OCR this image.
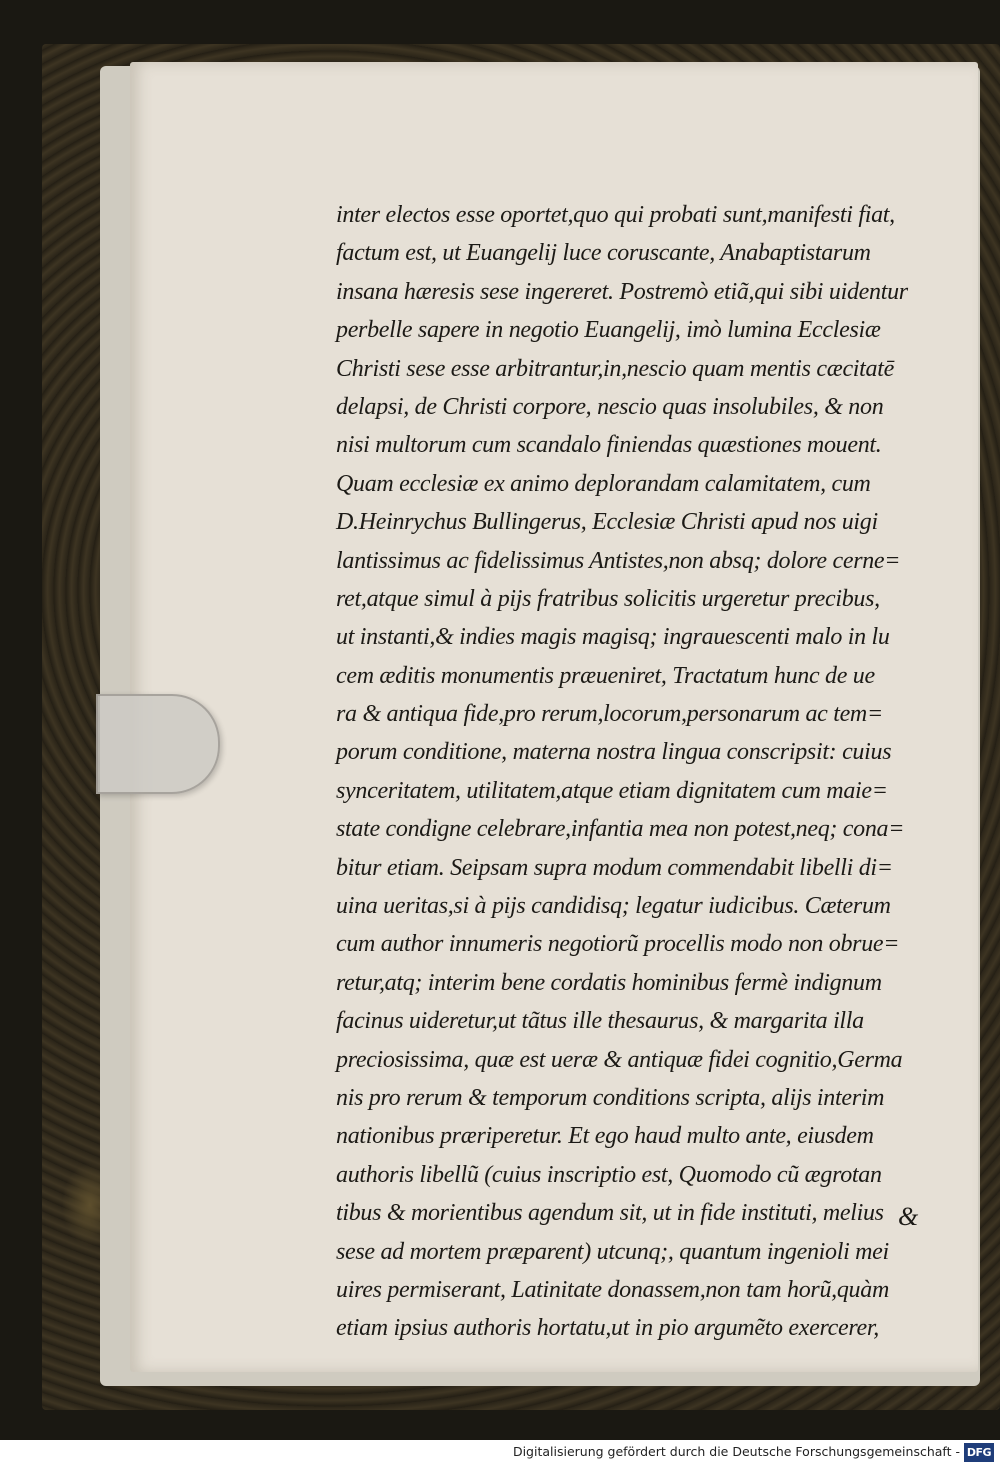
inter electos esse oportet,quo qui probati sunt,manifesti fiat,
factum est, ut Euangelij luce coruscante, Anabaptistarum
insana hæresis sese ingereret. Postremò etiã,qui sibi uidentur
perbelle sapere in negotio Euangelij, imò lumina Ecclesiæ
Christi sese esse arbitrantur,in,nescio quam mentis cæcitatē
delapsi, de Christi corpore, nescio quas insolubiles, & non
nisi multorum cum scandalo finiendas quæstiones mouent.
Quam ecclesiæ ex animo deplorandam calamitatem, cum
D.Heinrychus Bullingerus, Ecclesiæ Christi apud nos uigi
lantissimus ac fidelissimus Antistes,non absq; dolore cerne=
ret,atque simul à pijs fratribus solicitis urgeretur precibus,
ut instanti,& indies magis magisq; ingrauescenti malo in lu
cem æditis monumentis præueniret, Tractatum hunc de ue
ra & antiqua fide,pro rerum,locorum,personarum ac tem=
porum conditione, materna nostra lingua conscripsit: cuius
synceritatem, utilitatem,atque etiam dignitatem cum maie=
state condigne celebrare,infantia mea non potest,neq; cona=
bitur etiam. Seipsam supra modum commendabit libelli di=
uina ueritas,si à pijs candidisq; legatur iudicibus. Cæterum
cum author innumeris negotiorũ procellis modo non obrue=
retur,atq; interim bene cordatis hominibus fermè indignum
facinus uideretur,ut tãtus ille thesaurus, & margarita illa
preciosissima, quæ est ueræ & antiquæ fidei cognitio,Germa
nis pro rerum & temporum conditions scripta, alijs interim
nationibus præriperetur. Et ego haud multo ante, eiusdem
authoris libellũ (cuius inscriptio est, Quomodo cũ ægrotan
tibus & morientibus agendum sit, ut in fide instituti, melius
sese ad mortem præparent) utcunq;, quantum ingenioli mei
uires permiserant, Latinitate donassem,non tam horũ,quàm
etiam ipsius authoris hortatu,ut in pio argumẽto exercerer,
&
Digitalisierung gefördert durch die Deutsche Forschungsgemeinschaft - DFG
